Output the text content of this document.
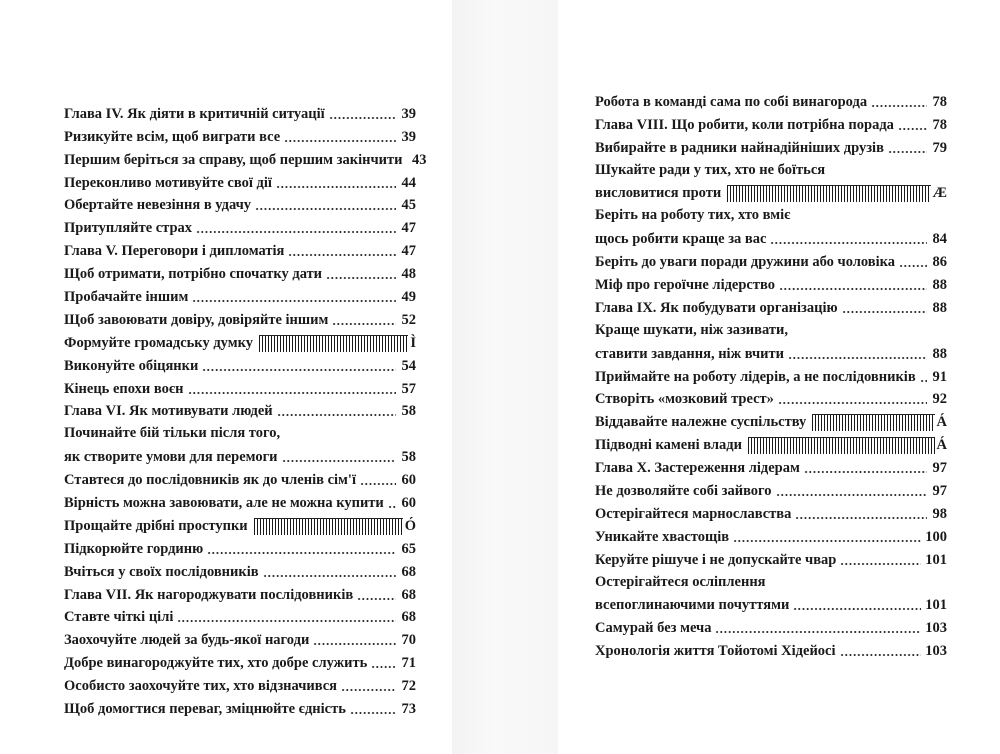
Глава IV. Як діяти в критичній ситуації	39
Ризикуйте всім, щоб виграти все	39
Першим беріться за справу, щоб першим закінчити 43
Переконливо мотивуйте свої дії	44
Обертайте невезіння в удачу	45
Притупляйте страх	47
Глава V. Переговори і дипломатія	47
Щоб отримати, потрібно спочатку дати	48
Пробачайте іншим	49
Щоб завоювати довіру, довіряйте іншим	52
Формуйте громадську думку	Ì
Виконуйте обіцянки	54
Кінець епохи воєн	57
Глава VI. Як мотивувати людей	58
Починайте бій тільки після того,
як створите умови для перемоги	58
Ставтеся до послідовників як до членів сім'ї	60
Вірність можна завоювати, але не можна купити 60
Прощайте дрібні проступки	Ó
Підкорюйте гординю	65
Вчіться у своїх послідовників	68
Глава VII. Як нагороджувати послідовників	68
Ставте чіткі цілі	68
Заохочуйте людей за будь-якої нагоди	70
Добре винагороджуйте тих, хто добре служить 71
Особисто заохочуйте тих, хто відзначився	72
Щоб домогтися переваг, зміцнюйте єдність	73
Робота в команді сама по собі винагорода	78
Глава VIII. Що робити, коли потрібна порада	78
Вибирайте в радники найнадійніших друзів	79
Шукайте ради у тих, хто не боїться
висловитися проти	Æ
Беріть на роботу тих, хто вміє
щось робити краще за вас	84
Беріть до уваги поради дружини або чоловіка	86
Міф про героїчне лідерство	88
Глава IX. Як побудувати організацію	88
Краще шукати, ніж зазивати,
ставити завдання, ніж вчити	88
Приймайте на роботу лідерів, а не послідовників 91
Створіть «мозковий трест»	92
Віддавайте належне суспільству	Á
Підводні камені влади	Á
Глава X. Застереження лідерам	97
Не дозволяйте собі зайвого	97
Остерігайтеся марнославства	98
Уникайте хвастощів	100
Керуйте рішуче і не допускайте чвар	101
Остерігайтеся осліплення
всепоглинаючими почуттями	101
Самурай без меча	103
Хронологія життя Тойотомі Хідейосі	103
